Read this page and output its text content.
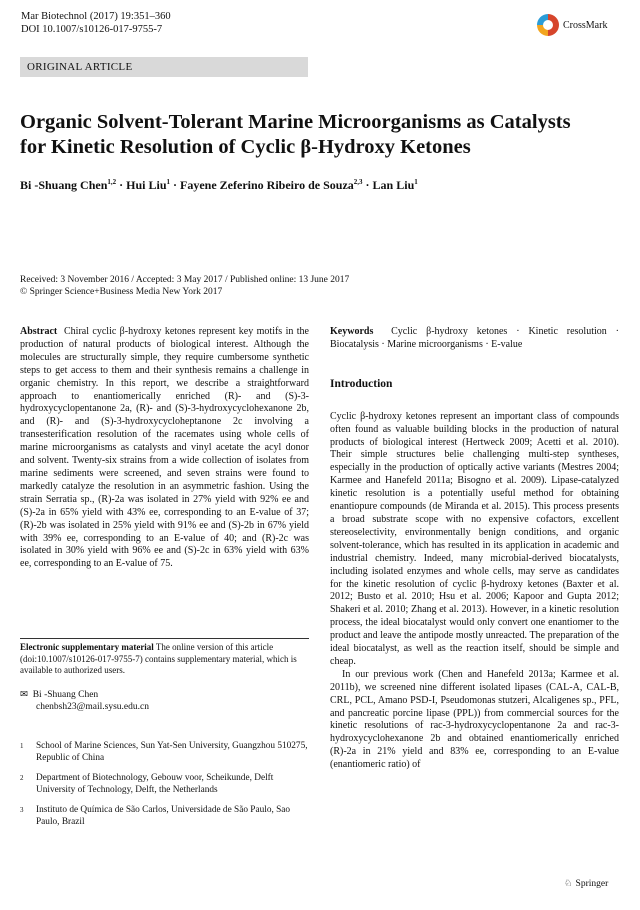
Mar Biotechnol (2017) 19:351–360
DOI 10.1007/s10126-017-9755-7	CrossMark
ORIGINAL ARTICLE
Organic Solvent-Tolerant Marine Microorganisms as Catalysts
for Kinetic Resolution of Cyclic β-Hydroxy Ketones
Bi -Shuang Chen$^{1,2}$ · Hui Liu$^1$ · Fayene Zeferino Ribeiro de Souza$^{2,3}$ · Lan Liu$^1$
Received: 3 November 2016 / Accepted: 3 May 2017 / Published online: 13 June 2017
© Springer Science+Business Media New York 2017

Abstract Chiral cyclic β-hydroxy ketones represent key motifs in the production of natural products of biological interest. Although the molecules are structurally simple, they require cumbersome synthetic steps to get access to them and their synthesis remains a challenge in organic chemistry. In this report, we describe a straightforward approach to enantiomerically enriched (R)- and (S)-3-hydroxycyclopentanone 2a, (R)- and (S)-3-hydroxycyclohexanone 2b, and (R)- and (S)-3-hydroxycycloheptanone 2c involving a transesterification resolution of the racemates using whole cells of marine microorganisms as catalysts and vinyl acetate the acyl donor and solvent. Twenty-six strains from a wide collection of isolates from marine sediments were screened, and seven strains were found to markedly catalyze the resolution in an asymmetric fashion. Using the strain Serratia sp., (R)-2a was isolated in 27% yield with 92% ee and (S)-2a in 65% yield with 43% ee, corresponding to an E-value of 37; (R)-2b was isolated in 25% yield with 91% ee and (S)-2b in 67% yield with 39% ee, corresponding to an E-value of 40; and (R)-2c was isolated in 30% yield with 96% ee and (S)-2c in 63% yield with 63% ee, corresponding to an E-value of 75.

Electronic supplementary material The online version of this article (doi:10.1007/s10126-017-9755-7) contains supplementary material, which is available to authorized users.
✉ Bi -Shuang Chen
chenbsh23@mail.sysu.edu.cn
1	School of Marine Sciences, Sun Yat-Sen University, Guangzhou 510275, Republic of China
2	Department of Biotechnology, Gebouw voor, Scheikunde, Delft University of Technology, Delft, the Netherlands
3	Instituto de Química de São Carlos, Universidade de São Paulo, Sao Paulo, Brazil

Keywords Cyclic β-hydroxy ketones · Kinetic resolution · Biocatalysis · Marine microorganisms · E-value

Introduction

Cyclic β-hydroxy ketones represent an important class of compounds often found as valuable building blocks in the production of natural products of biological interest (Hertweck 2009; Acetti et al. 2010). Their simple structures belie challenging multi-step syntheses, especially in the production of optically active variants (Mestres 2004; Karmee and Hanefeld 2011a; Bisogno et al. 2009). Lipase-catalyzed kinetic resolution is a potentially useful method for obtaining enantiopure compounds (de Miranda et al. 2015). This process presents a broad substrate scope with no expensive cofactors, excellent stereoselectivity, environmentally benign conditions, and organic solvent-tolerance, which has resulted in its application in academic and industrial chemistry. Indeed, many microbial-derived biocatalysts, including isolated enzymes and whole cells, may serve as candidates for the kinetic resolution of cyclic β-hydroxy ketones (Baxter et al. 2012; Busto et al. 2010; Hsu et al. 2006; Kapoor and Gupta 2012; Shakeri et al. 2010; Zhang et al. 2013). However, in a kinetic resolution process, the ideal biocatalyst would only convert one enantiomer to the product and leave the antipode mostly unreacted. The preparation of the ideal biocatalyst, as well as the reaction itself, should be simple and cheap.

In our previous work (Chen and Hanefeld 2013a; Karmee et al. 2011b), we screened nine different isolated lipases (CAL-A, CAL-B, CRL, PCL, Amano PSD-I, Pseudomonas stutzeri, Alcaligenes sp., PFL, and pancreatic porcine lipase (PPL)) from commercial sources for the kinetic resolutions of rac-3-hydroxycyclopentanone 2a and rac-3-hydroxycyclohexanone 2b and obtained enantiomerically enriched (R)-2a in 21% yield and 83% ee, corresponding to an E-value (enantiomeric ratio) of

♘ Springer
